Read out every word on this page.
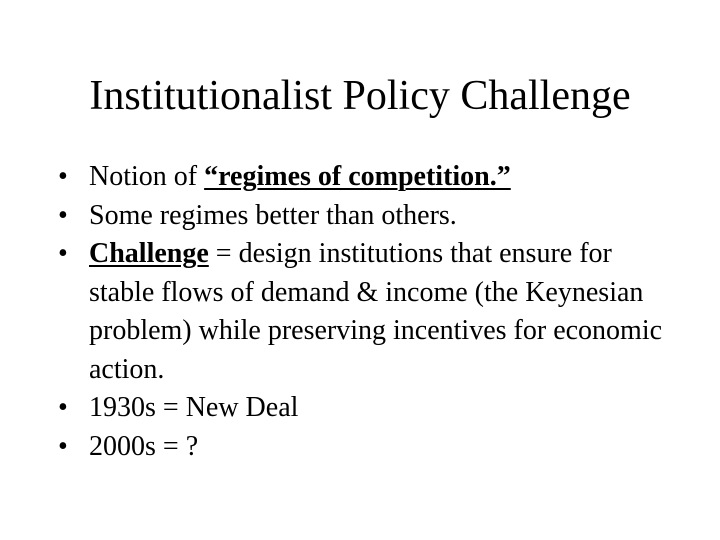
Institutionalist Policy Challenge
• Notion of “regimes of competition.”
• Some regimes better than others.
• Challenge = design institutions that ensure for stable flows of demand & income (the Keynesian problem) while preserving incentives for economic action.
• 1930s = New Deal
• 2000s = ?
